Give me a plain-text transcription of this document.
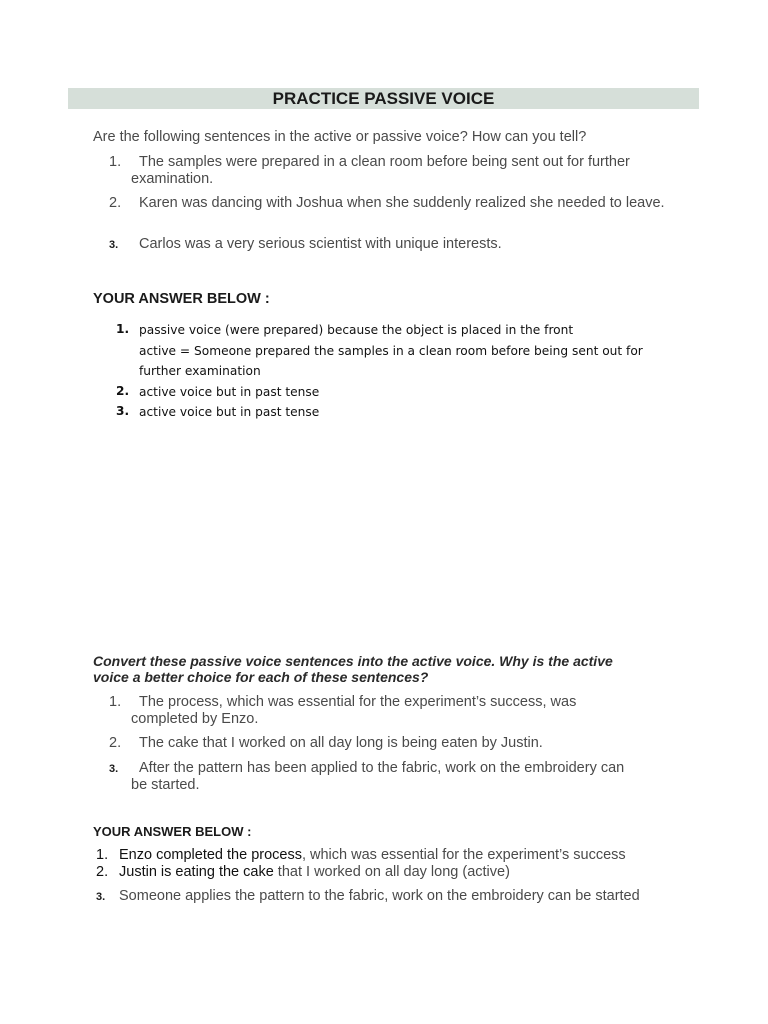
PRACTICE PASSIVE VOICE
Are the following sentences in the active or passive voice? How can you tell?
1.	The samples were prepared in a clean room before being sent out for further examination.
2.	Karen was dancing with Joshua when she suddenly realized she needed to leave.
3. Carlos was a very serious scientist with unique interests.
YOUR ANSWER BELOW :
1. passive voice (were prepared) because the object is placed in the front
active = Someone prepared the samples in a clean room before being sent out for
further examination
2. active voice but in past tense
3. active voice but in past tense
Convert these passive voice sentences into the active voice. Why is the active
voice a better choice for each of these sentences?
1. The process, which was essential for the experiment’s success, was
completed by Enzo.
2. The cake that I worked on all day long is being eaten by Justin.
3. After the pattern has been applied to the fabric, work on the embroidery can
be started.
YOUR ANSWER BELOW :
1. Enzo completed the process, which was essential for the experiment’s success
2. Justin is eating the cake that I worked on all day long (active)
3. Someone applies the pattern to the fabric, work on the embroidery can be started
